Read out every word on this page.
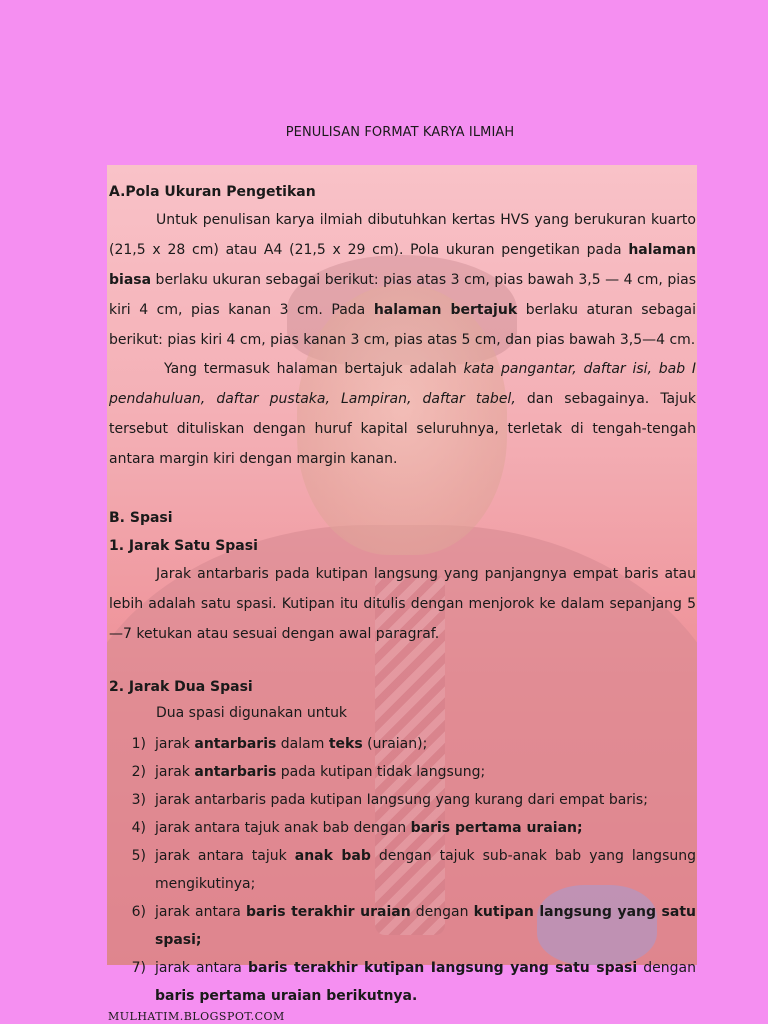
PENULISAN FORMAT KARYA ILMIAH
A.Pola Ukuran Pengetikan
Untuk penulisan karya ilmiah dibutuhkan kertas HVS yang berukuran kuarto (21,5 x 28 cm) atau A4 (21,5 x 29 cm). Pola ukuran pengetikan pada halaman biasa berlaku ukuran sebagai berikut: pias atas 3 cm, pias bawah 3,5 — 4 cm, pias kiri 4 cm, pias kanan 3 cm. Pada halaman bertajuk berlaku aturan sebagai berikut: pias kiri 4 cm, pias kanan 3 cm, pias atas 5 cm, dan pias bawah 3,5—4 cm.
Yang termasuk halaman bertajuk adalah kata pangantar, daftar isi, bab I pendahuluan, daftar pustaka, Lampiran, daftar tabel, dan sebagainya. Tajuk tersebut dituliskan dengan huruf kapital seluruhnya, terletak di tengah-tengah antara margin kiri dengan margin kanan.
B. Spasi
1. Jarak Satu Spasi
Jarak antarbaris pada kutipan langsung yang panjangnya empat baris atau lebih adalah satu spasi. Kutipan itu ditulis dengan menjorok ke dalam sepanjang 5—7 ketukan atau sesuai dengan awal paragraf.
2. Jarak Dua Spasi
Dua spasi digunakan untuk
1) jarak antarbaris dalam teks (uraian);
2) jarak antarbaris pada kutipan tidak langsung;
3) jarak antarbaris pada kutipan Iangsung yang kurang dari empat baris;
4) jarak antara tajuk anak bab dengan baris pertama uraian;
5) jarak antara tajuk anak bab dengan tajuk sub-anak bab yang langsung mengikutinya;
6) jarak antara baris terakhir uraian dengan kutipan langsung yang satu spasi;
7) jarak antara baris terakhir kutipan Iangsung yang satu spasi dengan baris pertama uraian berikutnya.
MULHATIM.BLOGSPOT.COM
